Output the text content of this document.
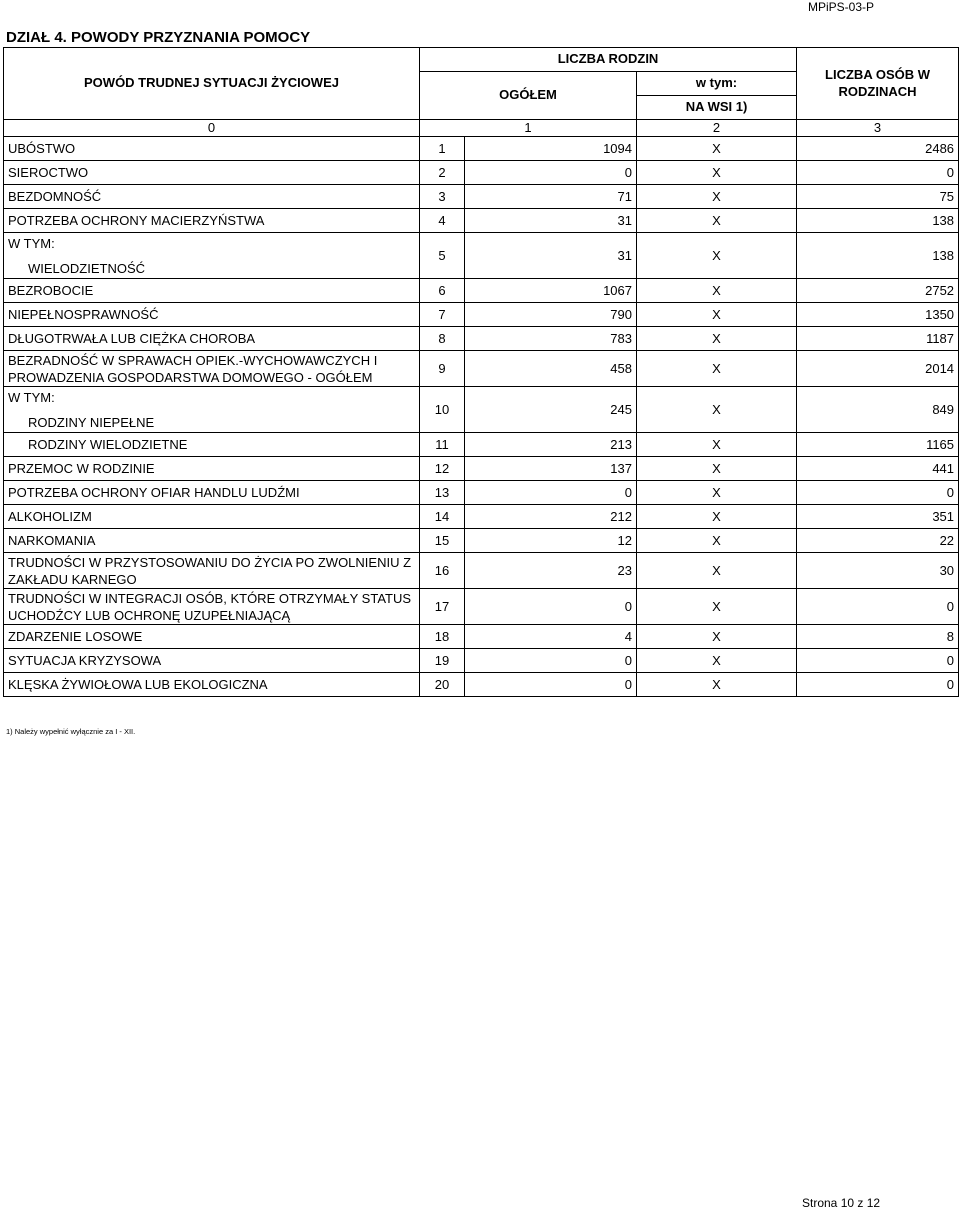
MPiPS-03-P
DZIAŁ 4. POWODY PRZYZNANIA POMOCY
POWÓD TRUDNEJ SYTUACJI ŻYCIOWEJ	LICZBA RODZIN			LICZBA OSÓB W RODZINACH
	OGÓŁEM		w tym:	
			NA WSI 1)	
0	1		2	3

UBÓSTWO	1	1094	X	2486

SIEROCTWO	2	0	X	0

BEZDOMNOŚĆ	3	71	X	75

POTRZEBA OCHRONY MACIERZYŃSTWA	4	31	X	138

W TYM:
WIELODZIETNOŚĆ	5	31	X	138

BEZROBOCIE	6	1067	X	2752

NIEPEŁNOSPRAWNOŚĆ	7	790	X	1350

DŁUGOTRWAŁA LUB CIĘŻKA CHOROBA	8	783	X	1187

BEZRADNOŚĆ W SPRAWACH OPIEK.-WYCHOWAWCZYCH I
PROWADZENIA GOSPODARSTWA DOMOWEGO - OGÓŁEM	9	458	X	2014

W TYM:
RODZINY NIEPEŁNE	10	245	X	849

RODZINY WIELODZIETNE	11	213	X	1165

PRZEMOC W RODZINIE	12	137	X	441

POTRZEBA OCHRONY OFIAR HANDLU LUDŹMI	13	0	X	0

ALKOHOLIZM	14	212	X	351

NARKOMANIA	15	12	X	22

TRUDNOŚCI W PRZYSTOSOWANIU DO ŻYCIA PO ZWOLNIENIU Z
ZAKŁADU KARNEGO	16	23	X	30

TRUDNOŚCI W INTEGRACJI OSÓB, KTÓRE OTRZYMAŁY STATUS
UCHODŹCY LUB OCHRONĘ UZUPEŁNIAJĄCĄ	17	0	X	0

ZDARZENIE LOSOWE	18	4	X	8

SYTUACJA KRYZYSOWA	19	0	X	0

KLĘSKA ŻYWIOŁOWA LUB EKOLOGICZNA	20	0	X	0
1) Należy wypełnić wyłącznie za I - XII.
Strona 10 z 12
